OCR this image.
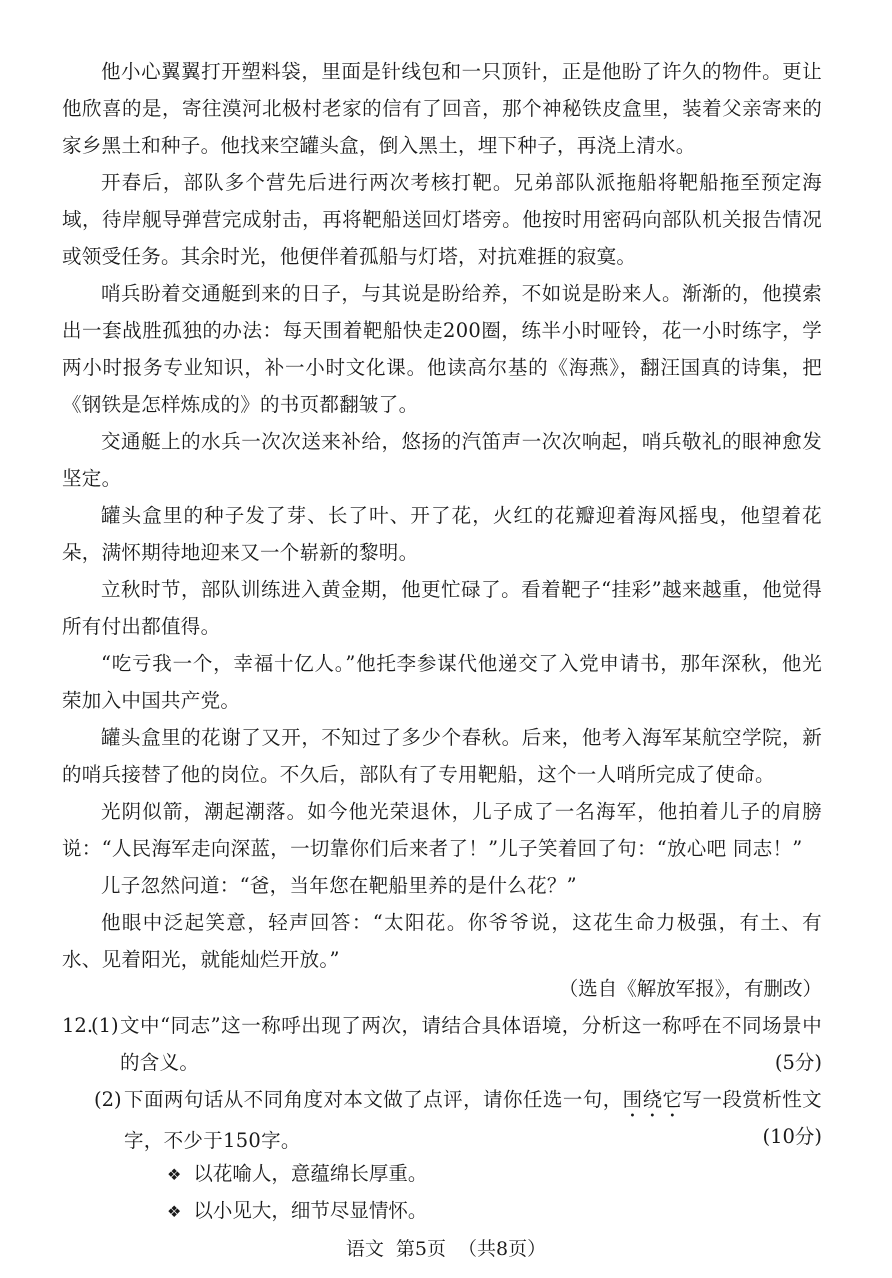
他小心翼翼打开塑料袋，里面是针线包和一只顶针，正是他盼了许久的物件。更让他欣喜的是，寄往漠河北极村老家的信有了回音，那个神秘铁皮盒里，装着父亲寄来的家乡黑土和种子。他找来空罐头盒，倒入黑土，埋下种子，再浇上清水。

开春后，部队多个营先后进行两次考核打靶。兄弟部队派拖船将靶船拖至预定海域，待岸舰导弹营完成射击，再将靶船送回灯塔旁。他按时用密码向部队机关报告情况或领受任务。其余时光，他便伴着孤船与灯塔，对抗难捱的寂寞。

哨兵盼着交通艇到来的日子，与其说是盼给养，不如说是盼来人。渐渐的，他摸索出一套战胜孤独的办法：每天围着靶船快走200圈，练半小时哑铃，花一小时练字，学两小时报务专业知识，补一小时文化课。他读高尔基的《海燕》，翻汪国真的诗集，把《钢铁是怎样炼成的》的书页都翻皱了。

交通艇上的水兵一次次送来补给，悠扬的汽笛声一次次响起，哨兵敬礼的眼神愈发坚定。

罐头盒里的种子发了芽、长了叶、开了花，火红的花瓣迎着海风摇曳，他望着花朵，满怀期待地迎来又一个崭新的黎明。

立秋时节，部队训练进入黄金期，他更忙碌了。看着靶子“挂彩”越来越重，他觉得所有付出都值得。

“吃亏我一个，幸福十亿人。”他托李参谋代他递交了入党申请书，那年深秋，他光荣加入中国共产党。

罐头盒里的花谢了又开，不知过了多少个春秋。后来，他考入海军某航空学院，新的哨兵接替了他的岗位。不久后，部队有了专用靶船，这个一人哨所完成了使命。

光阴似箭，潮起潮落。如今他光荣退休，儿子成了一名海军，他拍着儿子的肩膀说：“人民海军走向深蓝，一切靠你们后来者了！”儿子笑着回了句：“放心吧 同志！”

儿子忽然问道：“爸，当年您在靶船里养的是什么花？”

他眼中泛起笑意，轻声回答：“太阳花。你爷爷说，这花生命力极强，有土、有水、见着阳光，就能灿烂开放。”

（选自《解放军报》，有删改）
12.
(1) 文中“同志”这一称呼出现了两次，请结合具体语境，分析这一称呼在不同场景中的含义。	(5分)
(2) 下面两句话从不同角度对本文做了点评，请你任选一句，围绕它写一段赏析性文字，不少于150字。	(10分)
❖ 以花喻人，意蕴绵长厚重。
❖ 以小见大，细节尽显情怀。
语文 第5页 （共8页）
